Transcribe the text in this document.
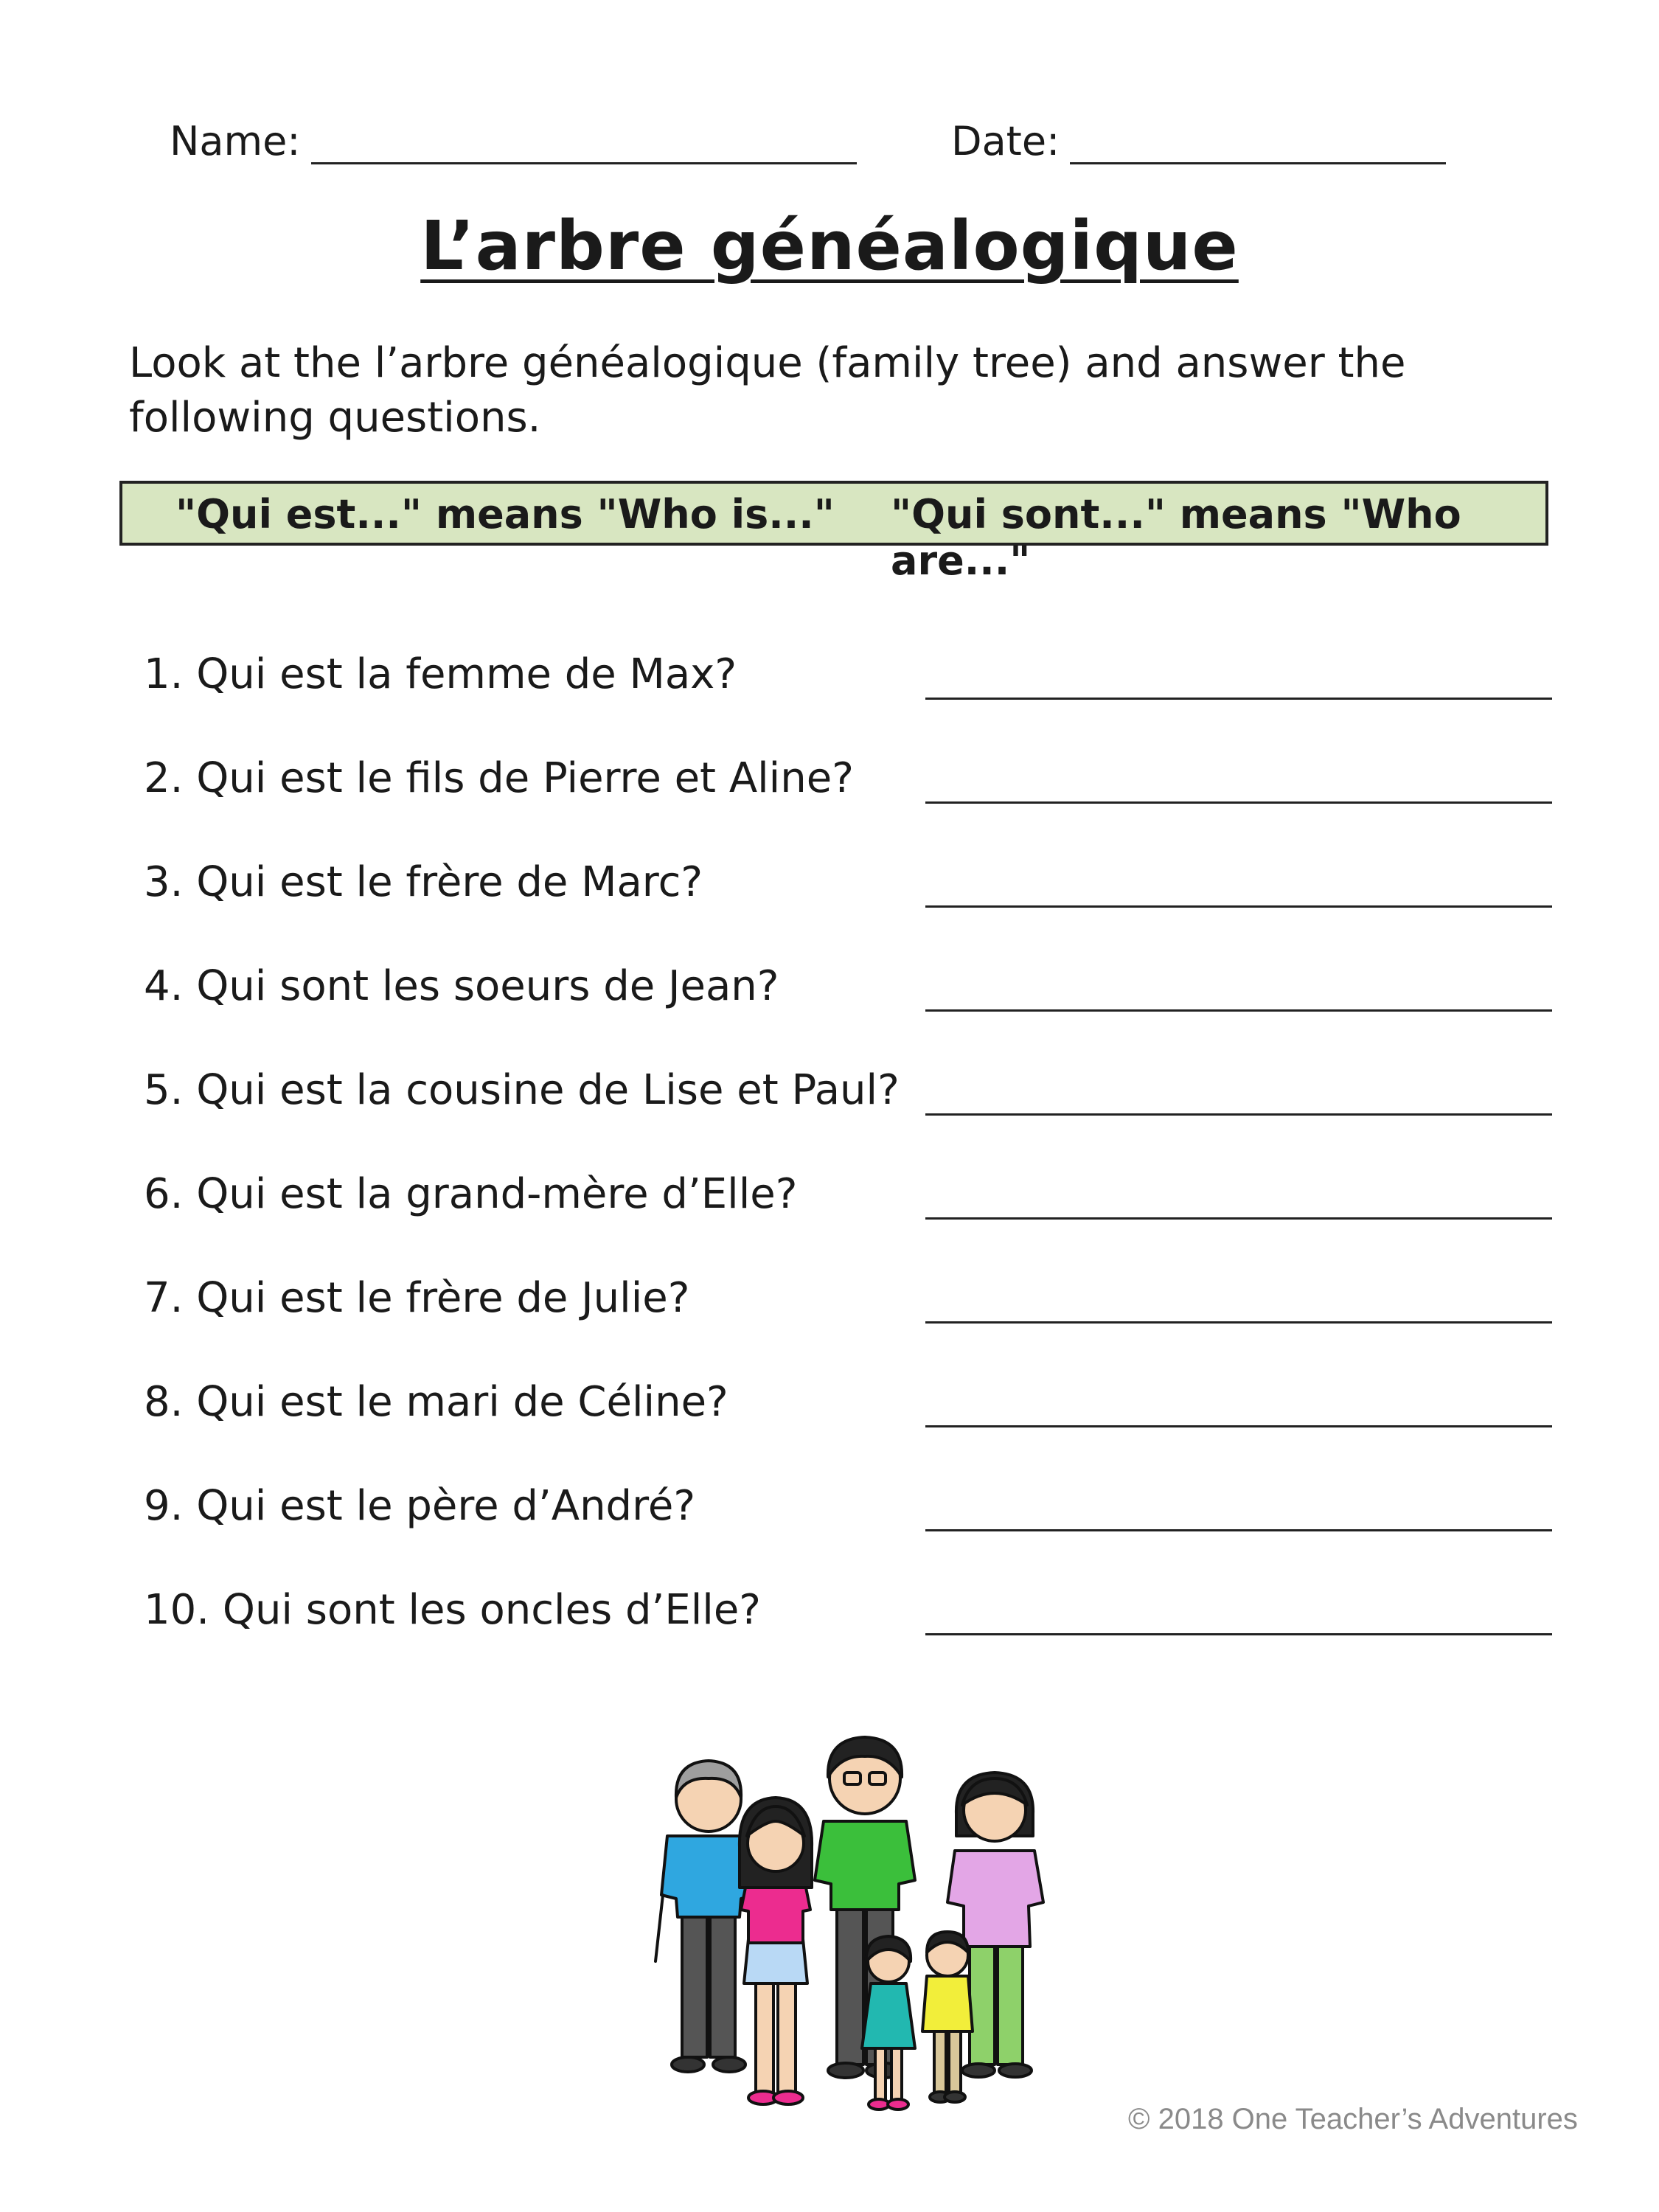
Name:	Date:
L’arbre généalogique
Look at the l’arbre généalogique (family tree) and answer the following questions.
"Qui est..." means "Who is..." "Qui sont..." means "Who are..."
1. Qui est la femme de Max?
2. Qui est le fils de Pierre et Aline?
3. Qui est le frère de Marc?
4. Qui sont les soeurs de Jean?
5. Qui est la cousine de Lise et Paul?
6. Qui est la grand-mère d’Elle?
7. Qui est le frère de Julie?
8. Qui est le mari de Céline?
9. Qui est le père d’André?
10. Qui sont les oncles d’Elle?
© 2018 One Teacher’s Adventures
